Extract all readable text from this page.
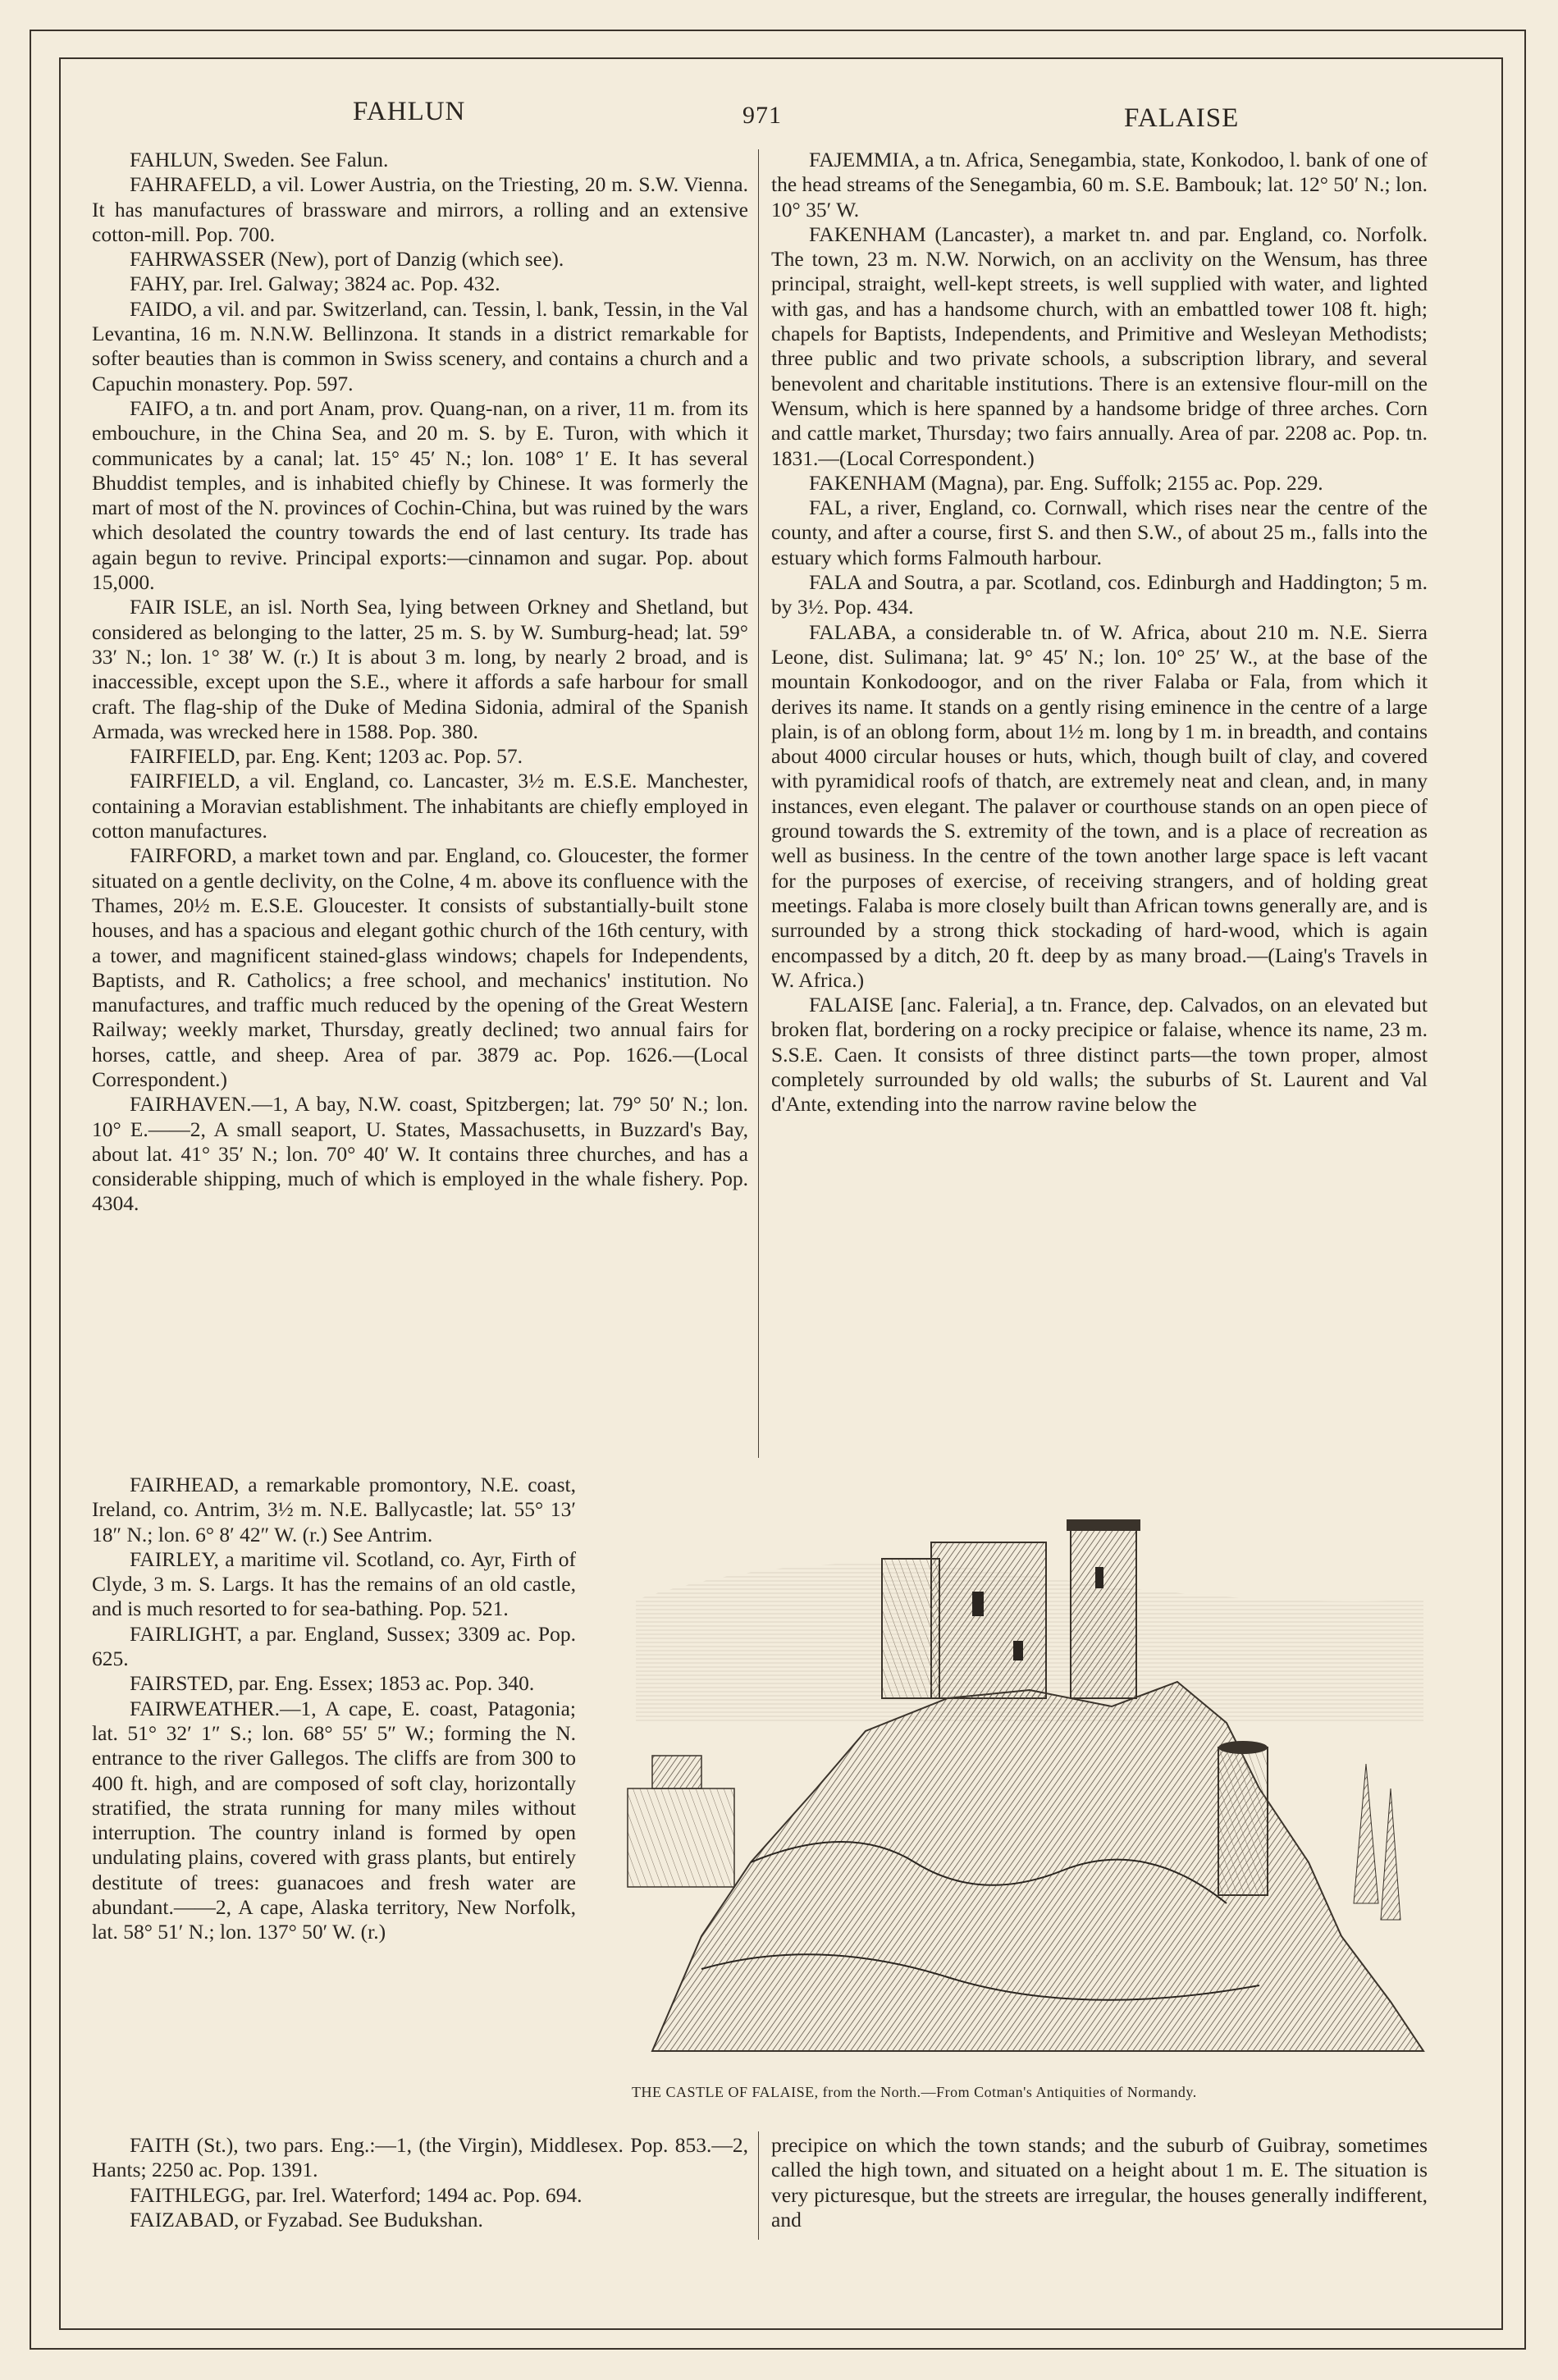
FAHLUN	971	FALAISE

FAHLUN, Sweden. See Falun.

FAHRAFELD, a vil. Lower Austria, on the Triesting, 20 m. S.W. Vienna. It has manufactures of brassware and mirrors, a rolling and an extensive cotton-mill. Pop. 700.

FAHRWASSER (New), port of Danzig (which see).

FAHY, par. Irel. Galway; 3824 ac. Pop. 432.

FAIDO, a vil. and par. Switzerland, can. Tessin, l. bank, Tessin, in the Val Levantina, 16 m. N.N.W. Bellinzona. It stands in a district remarkable for softer beauties than is common in Swiss scenery, and contains a church and a Capuchin monastery. Pop. 597.

FAIFO, a tn. and port Anam, prov. Quang-nan, on a river, 11 m. from its embouchure, in the China Sea, and 20 m. S. by E. Turon, with which it communicates by a canal; lat. 15° 45′ N.; lon. 108° 1′ E. It has several Bhuddist temples, and is inhabited chiefly by Chinese. It was formerly the mart of most of the N. provinces of Cochin-China, but was ruined by the wars which desolated the country towards the end of last century. Its trade has again begun to revive. Principal exports:—cinnamon and sugar. Pop. about 15,000.

FAIR ISLE, an isl. North Sea, lying between Orkney and Shetland, but considered as belonging to the latter, 25 m. S. by W. Sumburg-head; lat. 59° 33′ N.; lon. 1° 38′ W. (r.) It is about 3 m. long, by nearly 2 broad, and is inaccessible, except upon the S.E., where it affords a safe harbour for small craft. The flag-ship of the Duke of Medina Sidonia, admiral of the Spanish Armada, was wrecked here in 1588. Pop. 380.

FAIRFIELD, par. Eng. Kent; 1203 ac. Pop. 57.

FAIRFIELD, a vil. England, co. Lancaster, 3½ m. E.S.E. Manchester, containing a Moravian establishment. The inhabitants are chiefly employed in cotton manufactures.

FAIRFORD, a market town and par. England, co. Gloucester, the former situated on a gentle declivity, on the Colne, 4 m. above its confluence with the Thames, 20½ m. E.S.E. Gloucester. It consists of substantially-built stone houses, and has a spacious and elegant gothic church of the 16th century, with a tower, and magnificent stained-glass windows; chapels for Independents, Baptists, and R. Catholics; a free school, and mechanics' institution. No manufactures, and traffic much reduced by the opening of the Great Western Railway; weekly market, Thursday, greatly declined; two annual fairs for horses, cattle, and sheep. Area of par. 3879 ac. Pop. 1626.—(Local Correspondent.)

FAIRHAVEN.—1, A bay, N.W. coast, Spitzbergen; lat. 79° 50′ N.; lon. 10° E.——2, A small seaport, U. States, Massachusetts, in Buzzard's Bay, about lat. 41° 35′ N.; lon. 70° 40′ W. It contains three churches, and has a considerable shipping, much of which is employed in the whale fishery. Pop. 4304.

FAIRHEAD, a remarkable promontory, N.E. coast, Ireland, co. Antrim, 3½ m. N.E. Ballycastle; lat. 55° 13′ 18″ N.; lon. 6° 8′ 42″ W. (r.) See Antrim.

FAIRLEY, a maritime vil. Scotland, co. Ayr, Firth of Clyde, 3 m. S. Largs. It has the remains of an old castle, and is much resorted to for sea-bathing. Pop. 521.

FAIRLIGHT, a par. England, Sussex; 3309 ac. Pop. 625.

FAIRSTED, par. Eng. Essex; 1853 ac. Pop. 340.

FAIRWEATHER.—1, A cape, E. coast, Patagonia; lat. 51° 32′ 1″ S.; lon. 68° 55′ 5″ W.; forming the N. entrance to the river Gallegos. The cliffs are from 300 to 400 ft. high, and are composed of soft clay, horizontally stratified, the strata running for many miles without interruption. The country inland is formed by open undulating plains, covered with grass plants, but entirely destitute of trees: guanacoes and fresh water are abundant.——2, A cape, Alaska territory, New Norfolk, lat. 58° 51′ N.; lon. 137° 50′ W. (r.)

FAITH (St.), two pars. Eng.:—1, (the Virgin), Middlesex. Pop. 853.—2, Hants; 2250 ac. Pop. 1391.

FAITHLEGG, par. Irel. Waterford; 1494 ac. Pop. 694.

FAIZABAD, or Fyzabad. See Budukshan.

FAJEMMIA, a tn. Africa, Senegambia, state, Konkodoo, l. bank of one of the head streams of the Senegambia, 60 m. S.E. Bambouk; lat. 12° 50′ N.; lon. 10° 35′ W.

FAKENHAM (Lancaster), a market tn. and par. England, co. Norfolk. The town, 23 m. N.W. Norwich, on an acclivity on the Wensum, has three principal, straight, well-kept streets, is well supplied with water, and lighted with gas, and has a handsome church, with an embattled tower 108 ft. high; chapels for Baptists, Independents, and Primitive and Wesleyan Methodists; three public and two private schools, a subscription library, and several benevolent and charitable institutions. There is an extensive flour-mill on the Wensum, which is here spanned by a handsome bridge of three arches. Corn and cattle market, Thursday; two fairs annually. Area of par. 2208 ac. Pop. tn. 1831.—(Local Correspondent.)

FAKENHAM (Magna), par. Eng. Suffolk; 2155 ac. Pop. 229.

FAL, a river, England, co. Cornwall, which rises near the centre of the county, and after a course, first S. and then S.W., of about 25 m., falls into the estuary which forms Falmouth harbour.

FALA and Soutra, a par. Scotland, cos. Edinburgh and Haddington; 5 m. by 3½. Pop. 434.

FALABA, a considerable tn. of W. Africa, about 210 m. N.E. Sierra Leone, dist. Sulimana; lat. 9° 45′ N.; lon. 10° 25′ W., at the base of the mountain Konkodoogor, and on the river Falaba or Fala, from which it derives its name. It stands on a gently rising eminence in the centre of a large plain, is of an oblong form, about 1½ m. long by 1 m. in breadth, and contains about 4000 circular houses or huts, which, though built of clay, and covered with pyramidical roofs of thatch, are extremely neat and clean, and, in many instances, even elegant. The palaver or courthouse stands on an open piece of ground towards the S. extremity of the town, and is a place of recreation as well as business. In the centre of the town another large space is left vacant for the purposes of exercise, of receiving strangers, and of holding great meetings. Falaba is more closely built than African towns generally are, and is surrounded by a strong thick stockading of hard-wood, which is again encompassed by a ditch, 20 ft. deep by as many broad.—(Laing's Travels in W. Africa.)

FALAISE [anc. Faleria], a tn. France, dep. Calvados, on an elevated but broken flat, bordering on a rocky precipice or falaise, whence its name, 23 m. S.S.E. Caen. It consists of three distinct parts—the town proper, almost completely surrounded by old walls; the suburbs of St. Laurent and Val d'Ante, extending into the narrow ravine below the

precipice on which the town stands; and the suburb of Guibray, sometimes called the high town, and situated on a height about 1 m. E. The situation is very picturesque, but the streets are irregular, the houses generally indifferent, and

THE CASTLE OF FALAISE, from the North.—From Cotman's Antiquities of Normandy.
